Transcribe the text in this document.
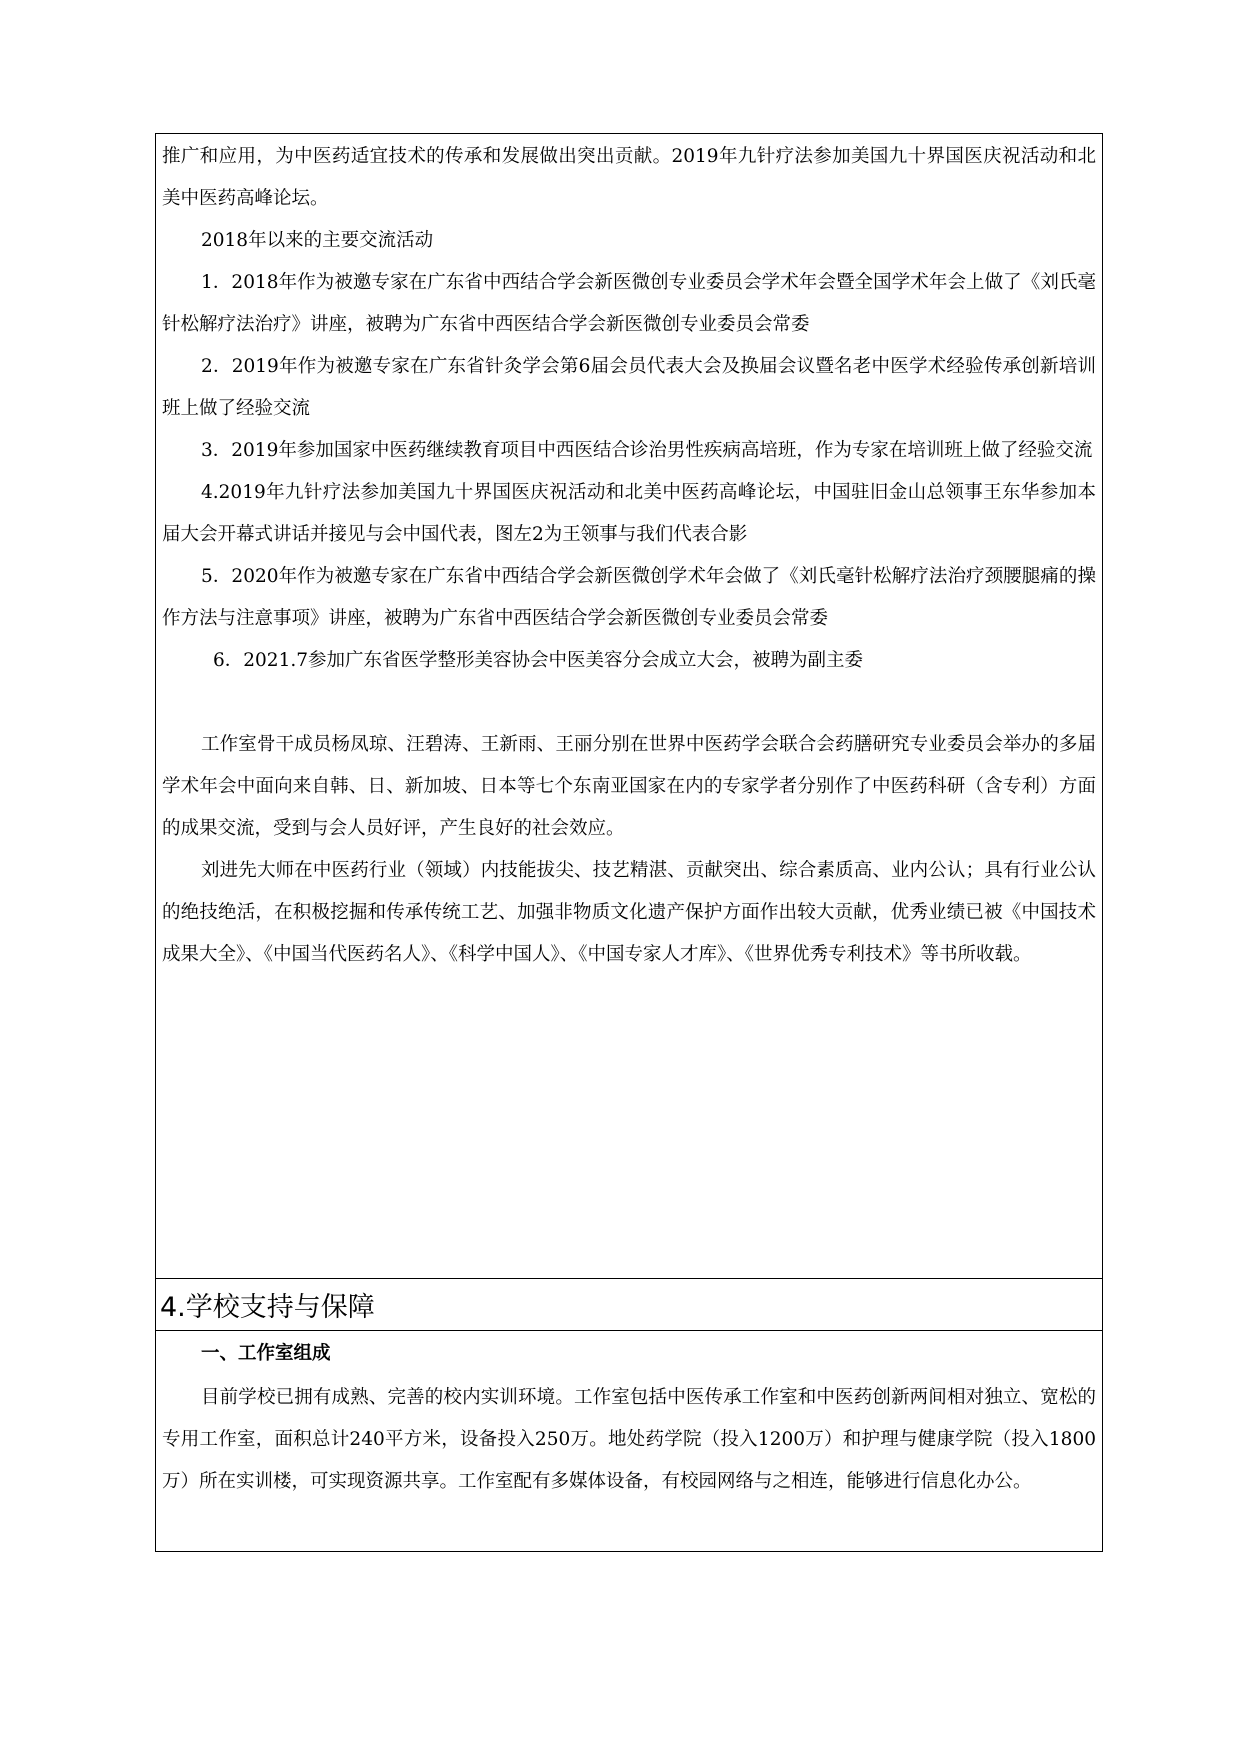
推广和应用，为中医药适宜技术的传承和发展做出突出贡献。2019年九针疗法参加美国九十界国医庆祝活动和北美中医药高峰论坛。

2018年以来的主要交流活动

1．2018年作为被邀专家在广东省中西结合学会新医微创专业委员会学术年会暨全国学术年会上做了《刘氏毫针松解疗法治疗》讲座，被聘为广东省中西医结合学会新医微创专业委员会常委

2．2019年作为被邀专家在广东省针灸学会第6届会员代表大会及换届会议暨名老中医学术经验传承创新培训班上做了经验交流

3．2019年参加国家中医药继续教育项目中西医结合诊治男性疾病高培班，作为专家在培训班上做了经验交流

4.2019年九针疗法参加美国九十界国医庆祝活动和北美中医药高峰论坛，中国驻旧金山总领事王东华参加本届大会开幕式讲话并接见与会中国代表，图左2为王领事与我们代表合影

5．2020年作为被邀专家在广东省中西结合学会新医微创学术年会做了《刘氏毫针松解疗法治疗颈腰腿痛的操作方法与注意事项》讲座，被聘为广东省中西医结合学会新医微创专业委员会常委

6．2021.7参加广东省医学整形美容协会中医美容分会成立大会，被聘为副主委

工作室骨干成员杨凤琼、汪碧涛、王新雨、王丽分别在世界中医药学会联合会药膳研究专业委员会举办的多届学术年会中面向来自韩、日、新加坡、日本等七个东南亚国家在内的专家学者分别作了中医药科研（含专利）方面的成果交流，受到与会人员好评，产生良好的社会效应。

刘进先大师在中医药行业（领域）内技能拔尖、技艺精湛、贡献突出、综合素质高、业内公认；具有行业公认的绝技绝活，在积极挖掘和传承传统工艺、加强非物质文化遗产保护方面作出较大贡献，优秀业绩已被《中国技术成果大全》、《中国当代医药名人》、《科学中国人》、《中国专家人才库》、《世界优秀专利技术》等书所收载。

4.学校支持与保障
一、工作室组成

目前学校已拥有成熟、完善的校内实训环境。工作室包括中医传承工作室和中医药创新两间相对独立、宽松的专用工作室，面积总计240平方米，设备投入250万。地处药学院（投入1200万）和护理与健康学院（投入1800万）所在实训楼，可实现资源共享。工作室配有多媒体设备，有校园网络与之相连，能够进行信息化办公。
